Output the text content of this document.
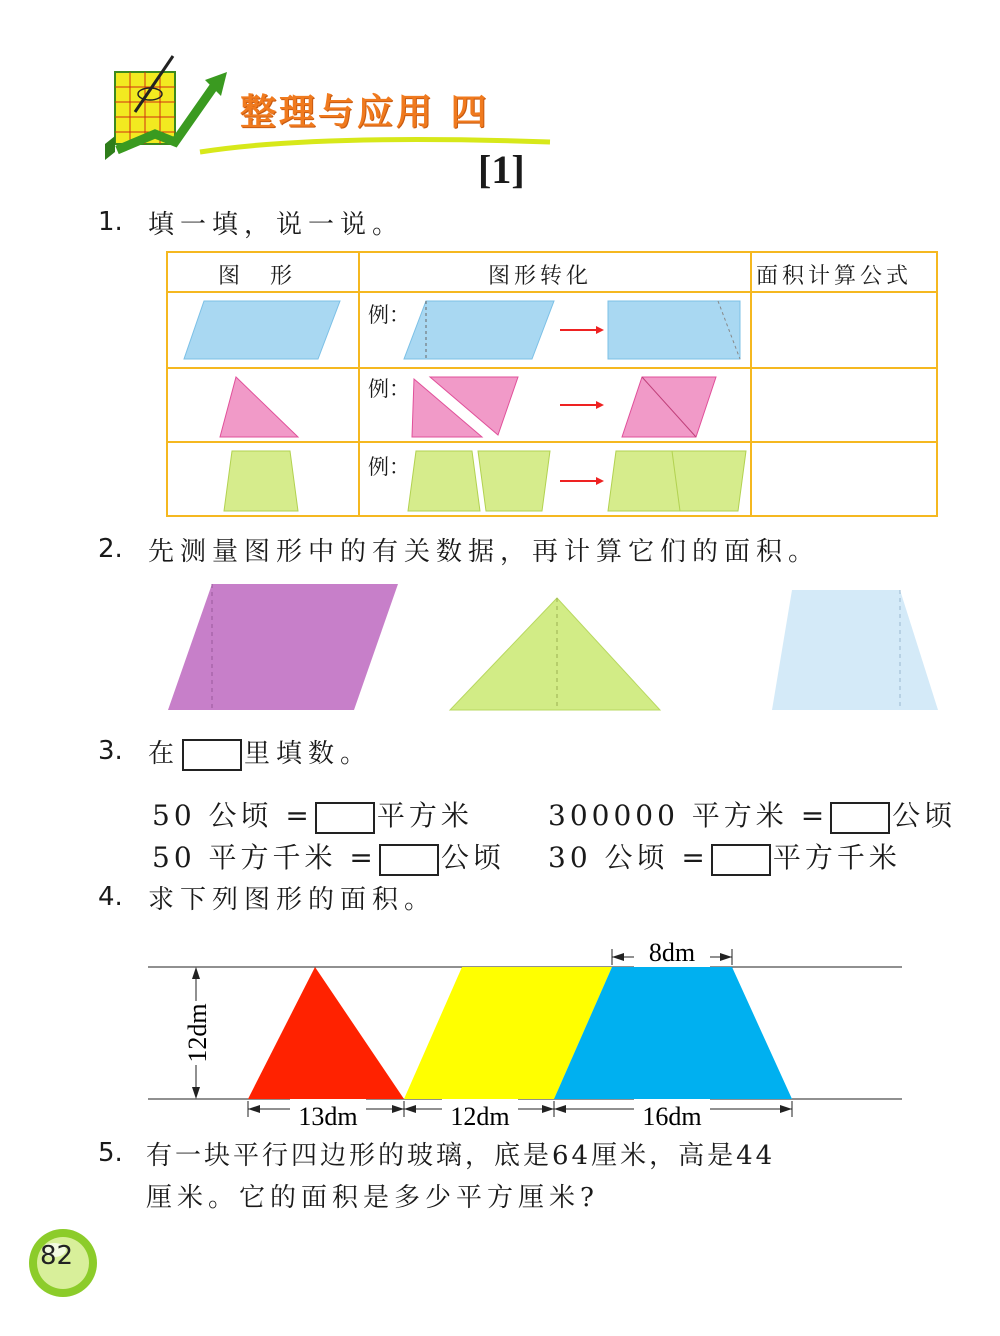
整理与应用 四
[1]
1. 填一填，说一说。
图　形	图形转化	面积计算公式
例：
例：
例：
2. 先测量图形中的有关数据，再计算它们的面积。
3. 在 里填数。
50 公顷 = 平方米	300000 平方米 = 公顷
50 平方千米 = 公顷 30 公顷 = 平方千米
4. 求下列图形的面积。
8dm
12dm
13dm	12dm	16dm
5. 有一块平行四边形的玻璃，底是64厘米，高是44
厘米。它的面积是多少平方厘米?
82
